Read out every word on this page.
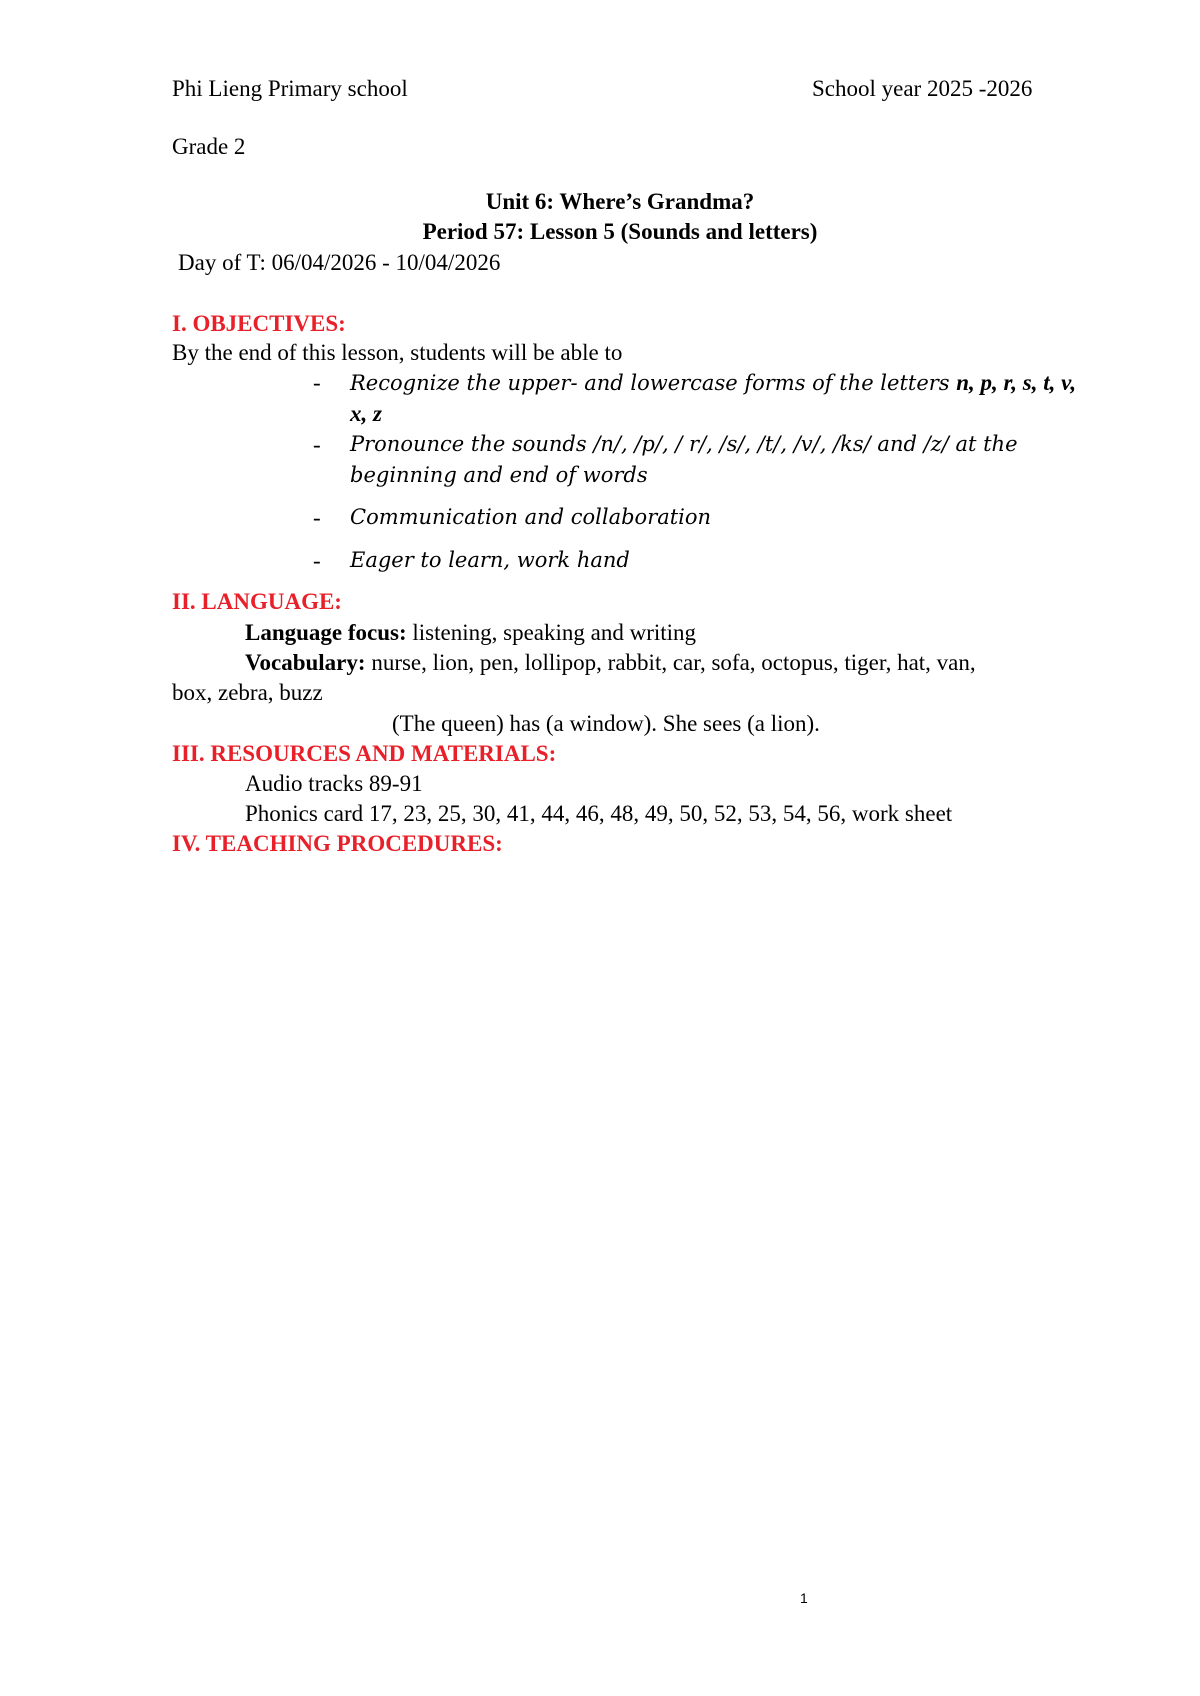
Phi Lieng Primary school	School year 2025 -2026
Grade 2
Unit 6: Where’s Grandma?
Period 57: Lesson 5 (Sounds and letters)
Day of T: 06/04/2026 - 10/04/2026
I. OBJECTIVES:
By the end of this lesson, students will be able to
- Recognize the upper- and lowercase forms of the letters n, p, r, s, t, v,
x, z
- Pronounce the sounds /n/, /p/, / r/, /s/, /t/, /v/, /ks/ and /z/ at the
beginning and end of words
- Communication and collaboration
- Eager to learn, work hand
II. LANGUAGE:
Language focus: listening, speaking and writing
Vocabulary: nurse, lion, pen, lollipop, rabbit, car, sofa, octopus, tiger, hat, van,
box, zebra, buzz
(The queen) has (a window). She sees (a lion).
III. RESOURCES AND MATERIALS:
Audio tracks 89-91
Phonics card 17, 23, 25, 30, 41, 44, 46, 48, 49, 50, 52, 53, 54, 56, work sheet
IV. TEACHING PROCEDURES:
1
